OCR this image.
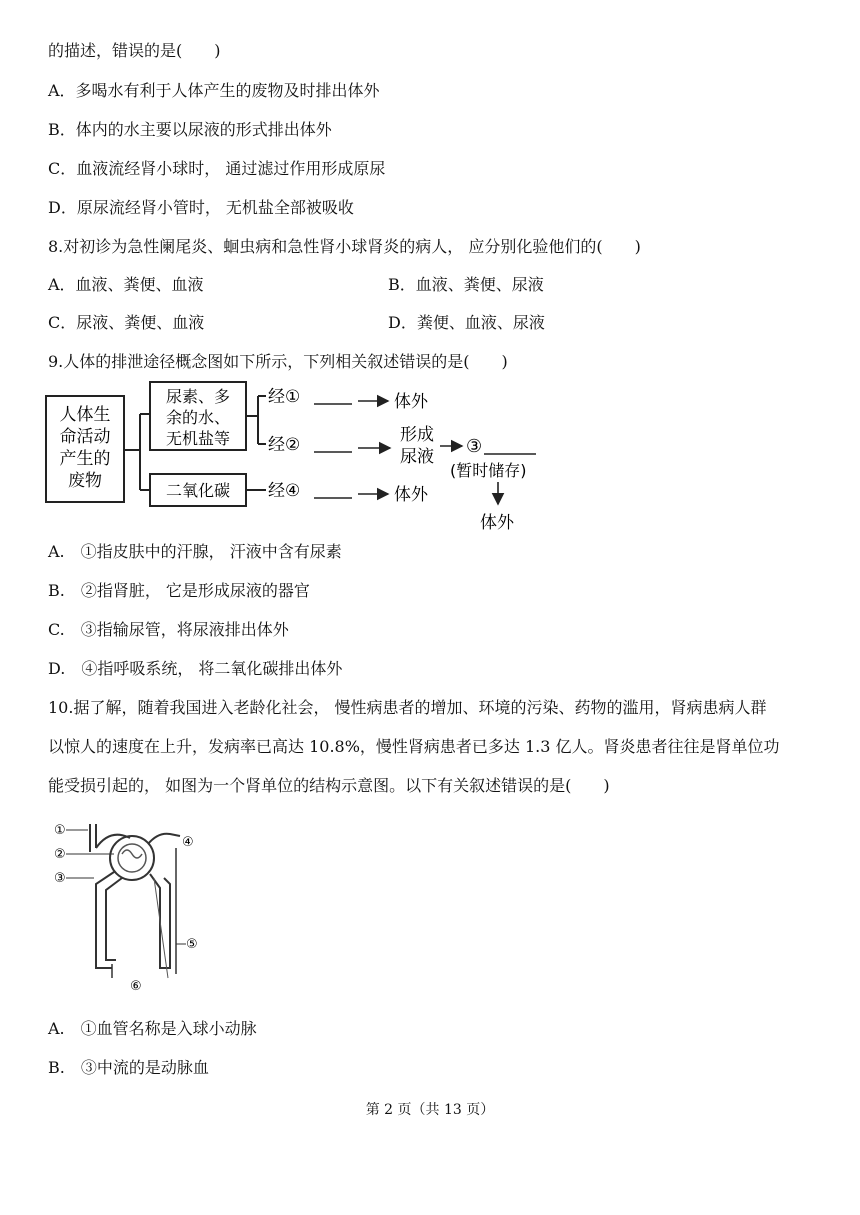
的描述，错误的是(　　)
A．多喝水有利于人体产生的废物及时排出体外
B．体内的水主要以尿液的形式排出体外
C．血液流经肾小球时， 通过滤过作用形成原尿
D．原尿流经肾小管时， 无机盐全部被吸收
8.对初诊为急性阑尾炎、蛔虫病和急性肾小球肾炎的病人， 应分别化验他们的(　　)
A．血液、粪便、血液	B．血液、粪便、尿液
C．尿液、粪便、血液	D．粪便、血液、尿液
9.人体的排泄途径概念图如下所示，下列相关叙述错误的是(　　)
人体生
命活动
产生的
废物
尿素、多
余的水、
无机盐等
二氧化碳
经①	体外
经②	形成
尿液 ③
(暂时储存)
体外
经④	体外
A.　①指皮肤中的汗腺， 汗液中含有尿素
B.　②指肾脏， 它是形成尿液的器官
C.　③指输尿管，将尿液排出体外
D.　④指呼吸系统， 将二氧化碳排出体外
10.据了解，随着我国进入老龄化社会， 慢性病患者的增加、环境的污染、药物的滥用，肾病患病人群
以惊人的速度在上升，发病率已高达 10.8%，慢性肾病患者已多达 1.3 亿人。肾炎患者往往是肾单位功
能受损引起的， 如图为一个肾单位的结构示意图。以下有关叙述错误的是(　　)
①
②
③
④
⑤
⑥
A.　①血管名称是入球小动脉
B.　③中流的是动脉血
第 2 页（共 13 页）
